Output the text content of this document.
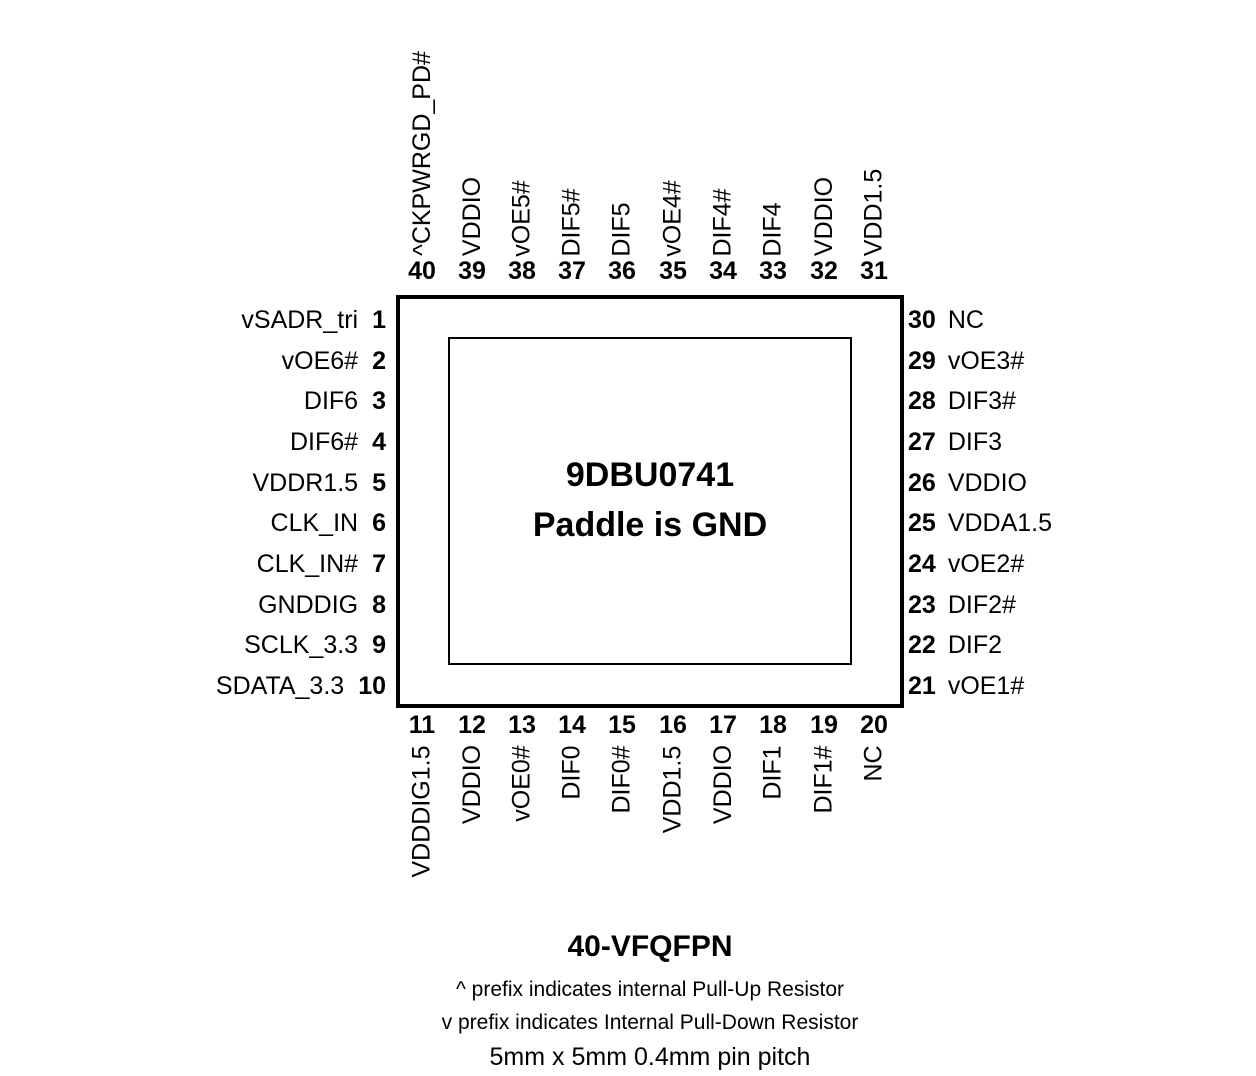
9DBU0741
Paddle is GND
vSADR_tri 1
vOE6# 2
DIF6 3
DIF6# 4
VDDR1.5 5
CLK_IN 6
CLK_IN# 7
GNDDIG 8
SCLK_3.3 9
SDATA_3.3 10
30 NC
29 vOE3#
28 DIF3#
27 DIF3
26 VDDIO
25 VDDA1.5
24 vOE2#
23 DIF2#
22 DIF2
21 vOE1#
40
^CKPWRGD_PD#
39
VDDIO
38
vOE5#
37
DIF5#
36
DIF5
35
vOE4#
34
DIF4#
33
DIF4
32
VDDIO
31
VDD1.5
11
VDDDIG1.5
12
VDDIO
13
vOE0#
14
DIF0
15
DIF0#
16
VDD1.5
17
VDDIO
18
DIF1
19
DIF1#
20
NC
40-VFQFPN
^ prefix indicates internal Pull-Up Resistor
v prefix indicates Internal Pull-Down Resistor
5mm x 5mm 0.4mm pin pitch
